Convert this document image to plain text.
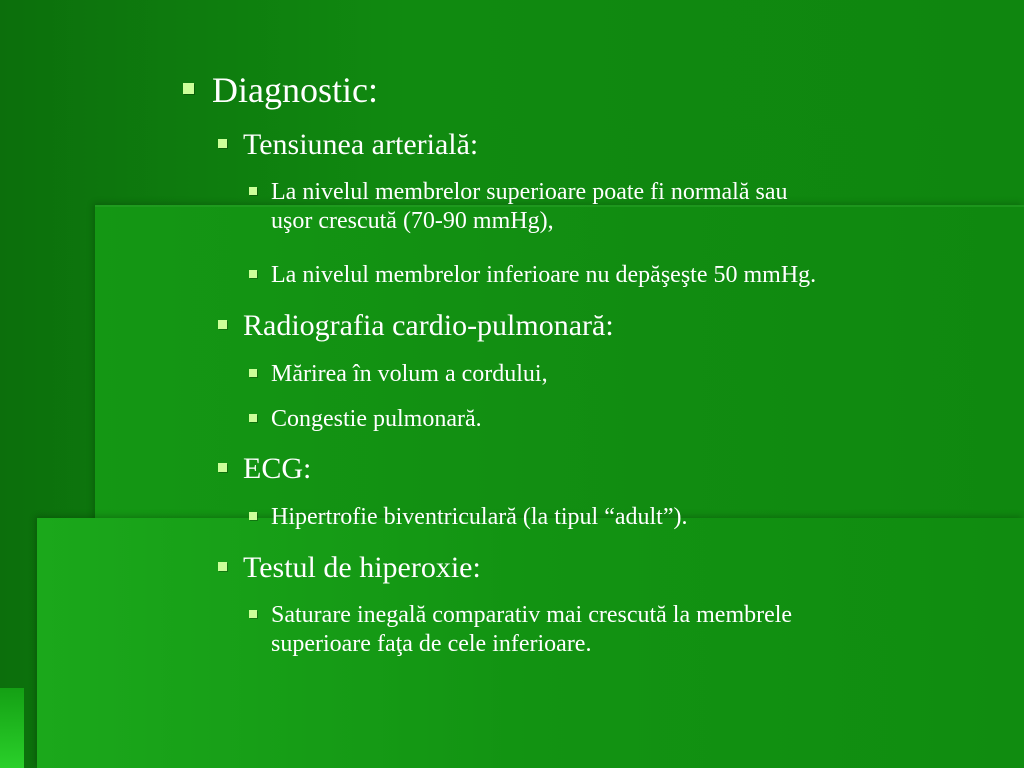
Diagnostic:
Tensiunea arterială:
La nivelul membrelor superioare poate fi normală sau
uşor crescută (70-90 mmHg),
La nivelul membrelor inferioare nu depăşeşte 50 mmHg.
Radiografia cardio-pulmonară:
Mărirea în volum a cordului,
Congestie pulmonară.
ECG:
Hipertrofie biventriculară (la tipul “adult”).
Testul de hiperoxie:
Saturare inegală comparativ mai crescută la membrele
superioare faţa de cele inferioare.
